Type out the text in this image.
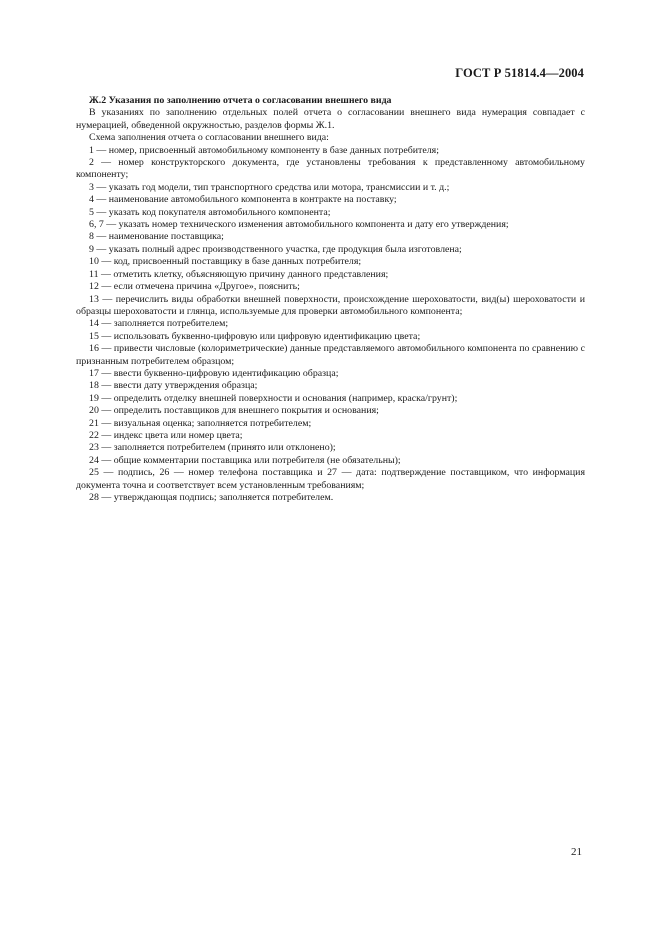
ГОСТ Р 51814.4—2004

Ж.2 Указания по заполнению отчета о согласовании внешнего вида

В указаниях по заполнению отдельных полей отчета о согласовании внешнего вида нумерация совпадает с нумерацией, обведенной окружностью, разделов формы Ж.1.

Схема заполнения отчета о согласовании внешнего вида:

1 — номер, присвоенный автомобильному компоненту в базе данных потребителя;

2 — номер конструкторского документа, где установлены требования к представленному автомобильному компоненту;

3 — указать год модели, тип транспортного средства или мотора, трансмиссии и т. д.;

4 — наименование автомобильного компонента в контракте на поставку;

5 — указать код покупателя автомобильного компонента;

6, 7 — указать номер технического изменения автомобильного компонента и дату его утверждения;

8 — наименование поставщика;

9 — указать полный адрес производственного участка, где продукция была изготовлена;

10 — код, присвоенный поставщику в базе данных потребителя;

11 — отметить клетку, объясняющую причину данного представления;

12 — если отмечена причина «Другое», пояснить;

13 — перечислить виды обработки внешней поверхности, происхождение шероховатости, вид(ы) шероховатости и образцы шероховатости и глянца, используемые для проверки автомобильного компонента;

14 — заполняется потребителем;

15 — использовать буквенно-цифровую или цифровую идентификацию цвета;

16 — привести числовые (колориметрические) данные представляемого автомобильного компонента по сравнению с признанным потребителем образцом;

17 — ввести буквенно-цифровую идентификацию образца;

18 — ввести дату утверждения образца;

19 — определить отделку внешней поверхности и основания (например, краска/грунт);

20 — определить поставщиков для внешнего покрытия и основания;

21 — визуальная оценка; заполняется потребителем;

22 — индекс цвета или номер цвета;

23 — заполняется потребителем (принято или отклонено);

24 — общие комментарии поставщика или потребителя (не обязательны);

25 — подпись, 26 — номер телефона поставщика и 27 — дата: подтверждение поставщиком, что информация документа точна и соответствует всем установленным требованиям;

28 — утверждающая подпись; заполняется потребителем.

21
